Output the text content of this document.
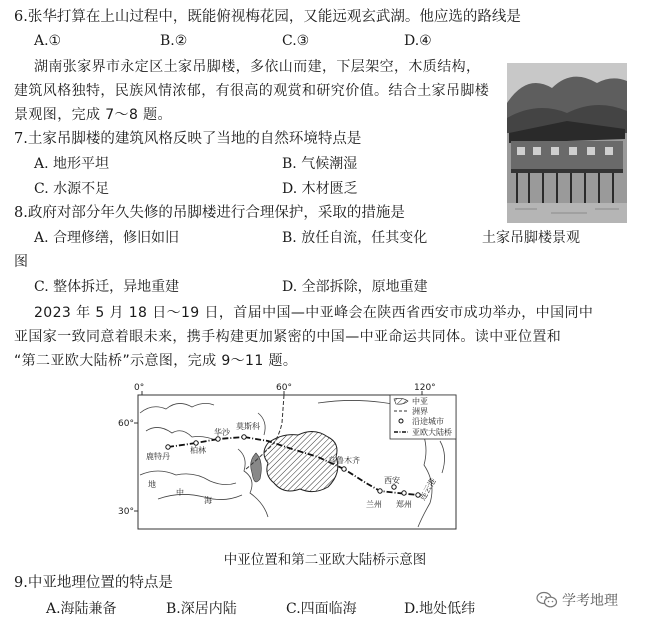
6.张华打算在上山过程中，既能俯视梅花园，又能远观玄武湖。他应选的路线是
A.①	B.②	C.③	D.④
湖南张家界市永定区土家吊脚楼，多依山而建，下层架空，木质结构，
建筑风格独特，民族风情浓郁，有很高的观赏和研究价值。结合土家吊脚楼
景观图，完成 7～8 题。
7.土家吊脚楼的建筑风格反映了当地的自然环境特点是
A. 地形平坦	B. 气候潮湿
C. 水源不足	D. 木材匮乏
8.政府对部分年久失修的吊脚楼进行合理保护，采取的措施是
A. 合理修缮，修旧如旧	B. 放任自流，任其变化	土家吊脚楼景观
图
C. 整体拆迁，异地重建	D. 全部拆除，原地重建
2023 年 5 月 18 日～19 日，首届中国—中亚峰会在陕西省西安市成功举办，中国同中
亚国家一致同意着眼未来，携手构建更加紧密的中国—中亚命运共同体。读中亚位置和
“第二亚欧大陆桥”示意图，完成 9～11 题。
0°	60°	120°
60°
30°
鹿特丹
柏林
华沙
莫斯科
乌鲁木齐
兰州
西安
郑州
连云港
地
中
海
中亚
洲界
沿途城市
亚欧大陆桥
中亚位置和第二亚欧大陆桥示意图
9.中亚地理位置的特点是
A.海陆兼备	B.深居内陆	C.四面临海	D.地处低纬	学考地理
